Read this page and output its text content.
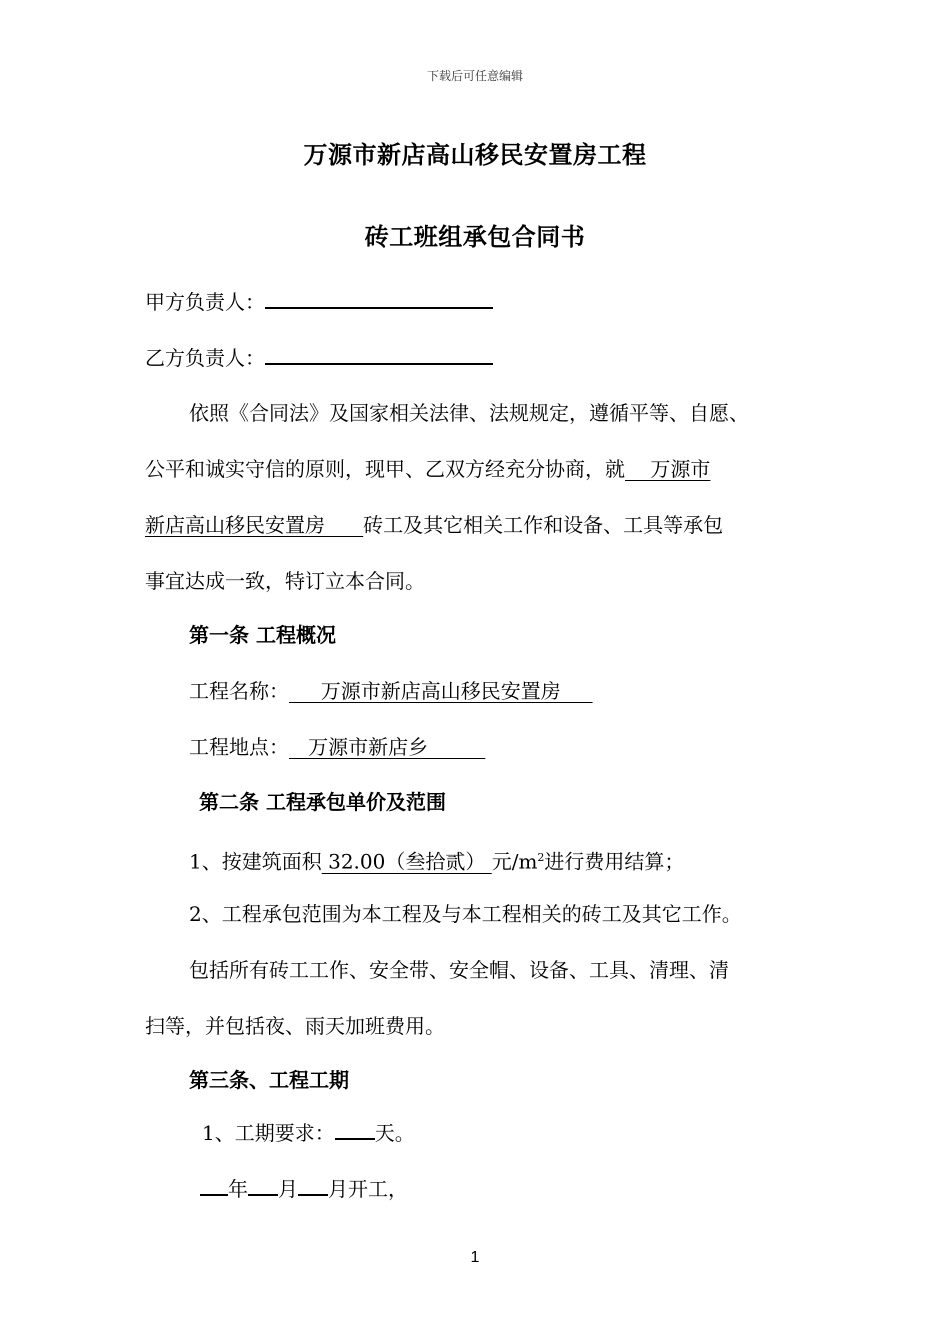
下载后可任意编辑
万源市新店高山移民安置房工程
砖工班组承包合同书
甲方负责人：
乙方负责人：
依照《合同法》及国家相关法律、法规规定，遵循平等、自愿、
公平和诚实守信的原则，现甲、乙双方经充分协商，就    万源市
新店高山移民安置房      砖工及其它相关工作和设备、工具等承包
事宜达成一致，特订立本合同。
第一条 工程概况
工程名称：     万源市新店高山移民安置房
工程地点：   万源市新店乡
第二条 工程承包单价及范围
1、按建筑面积 32.00（叁拾贰） 元$/m^2$进行费用结算；
2、工程承包范围为本工程及与本工程相关的砖工及其它工作。
包括所有砖工工作、安全带、安全帽、设备、工具、清理、清
扫等，并包括夜、雨天加班费用。
第三条、工程工期
1、工期要求： 天。
年 月 月开工，
1
